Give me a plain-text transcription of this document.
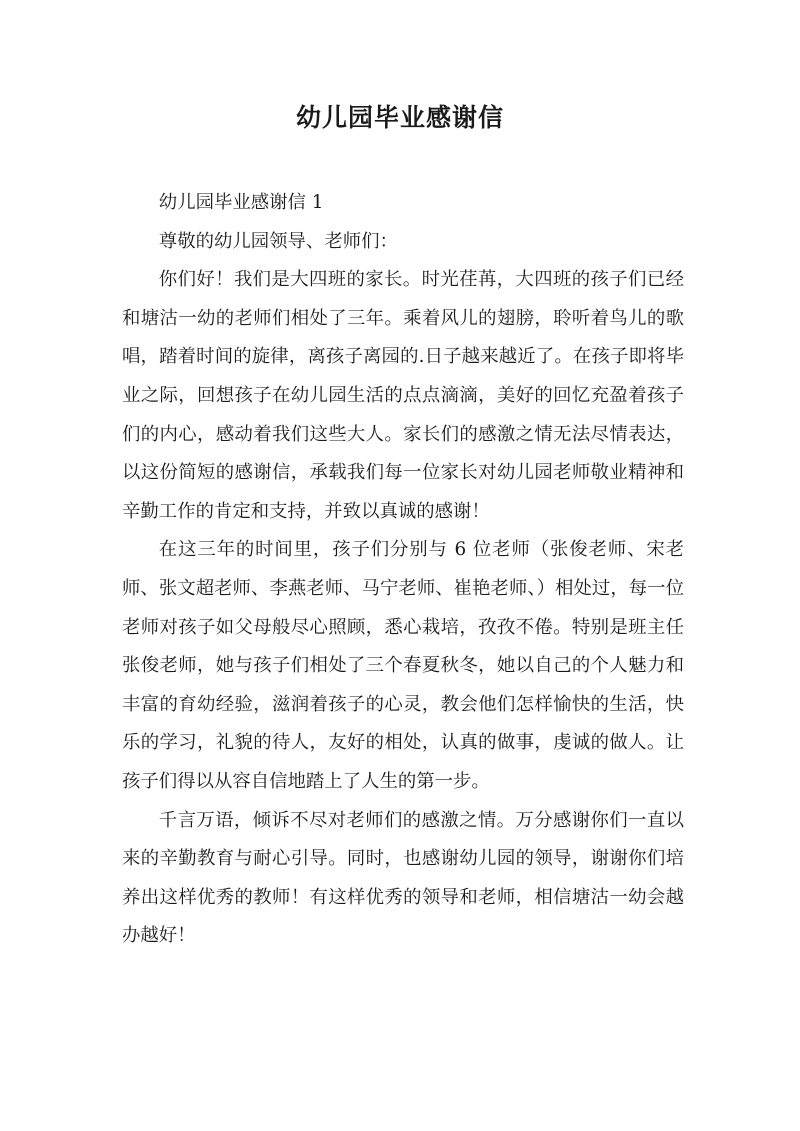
幼儿园毕业感谢信

幼儿园毕业感谢信 1

尊敬的幼儿园领导、老师们：

你们好！我们是大四班的家长。时光荏苒，大四班的孩子们已经和塘沽一幼的老师们相处了三年。乘着风儿的翅膀，聆听着鸟儿的歌唱，踏着时间的旋律，离孩子离园的.日子越来越近了。在孩子即将毕业之际，回想孩子在幼儿园生活的点点滴滴，美好的回忆充盈着孩子们的内心，感动着我们这些大人。家长们的感激之情无法尽情表达，以这份简短的感谢信，承载我们每一位家长对幼儿园老师敬业精神和辛勤工作的肯定和支持，并致以真诚的感谢！

在这三年的时间里，孩子们分别与 6 位老师（张俊老师、宋老师、张文超老师、李燕老师、马宁老师、崔艳老师、）相处过，每一位老师对孩子如父母般尽心照顾，悉心栽培，孜孜不倦。特别是班主任张俊老师，她与孩子们相处了三个春夏秋冬，她以自己的个人魅力和丰富的育幼经验，滋润着孩子的心灵，教会他们怎样愉快的生活，快乐的学习，礼貌的待人，友好的相处，认真的做事，虔诚的做人。让孩子们得以从容自信地踏上了人生的第一步。

千言万语，倾诉不尽对老师们的感激之情。万分感谢你们一直以来的辛勤教育与耐心引导。同时，也感谢幼儿园的领导，谢谢你们培养出这样优秀的教师！有这样优秀的领导和老师，相信塘沽一幼会越办越好！
